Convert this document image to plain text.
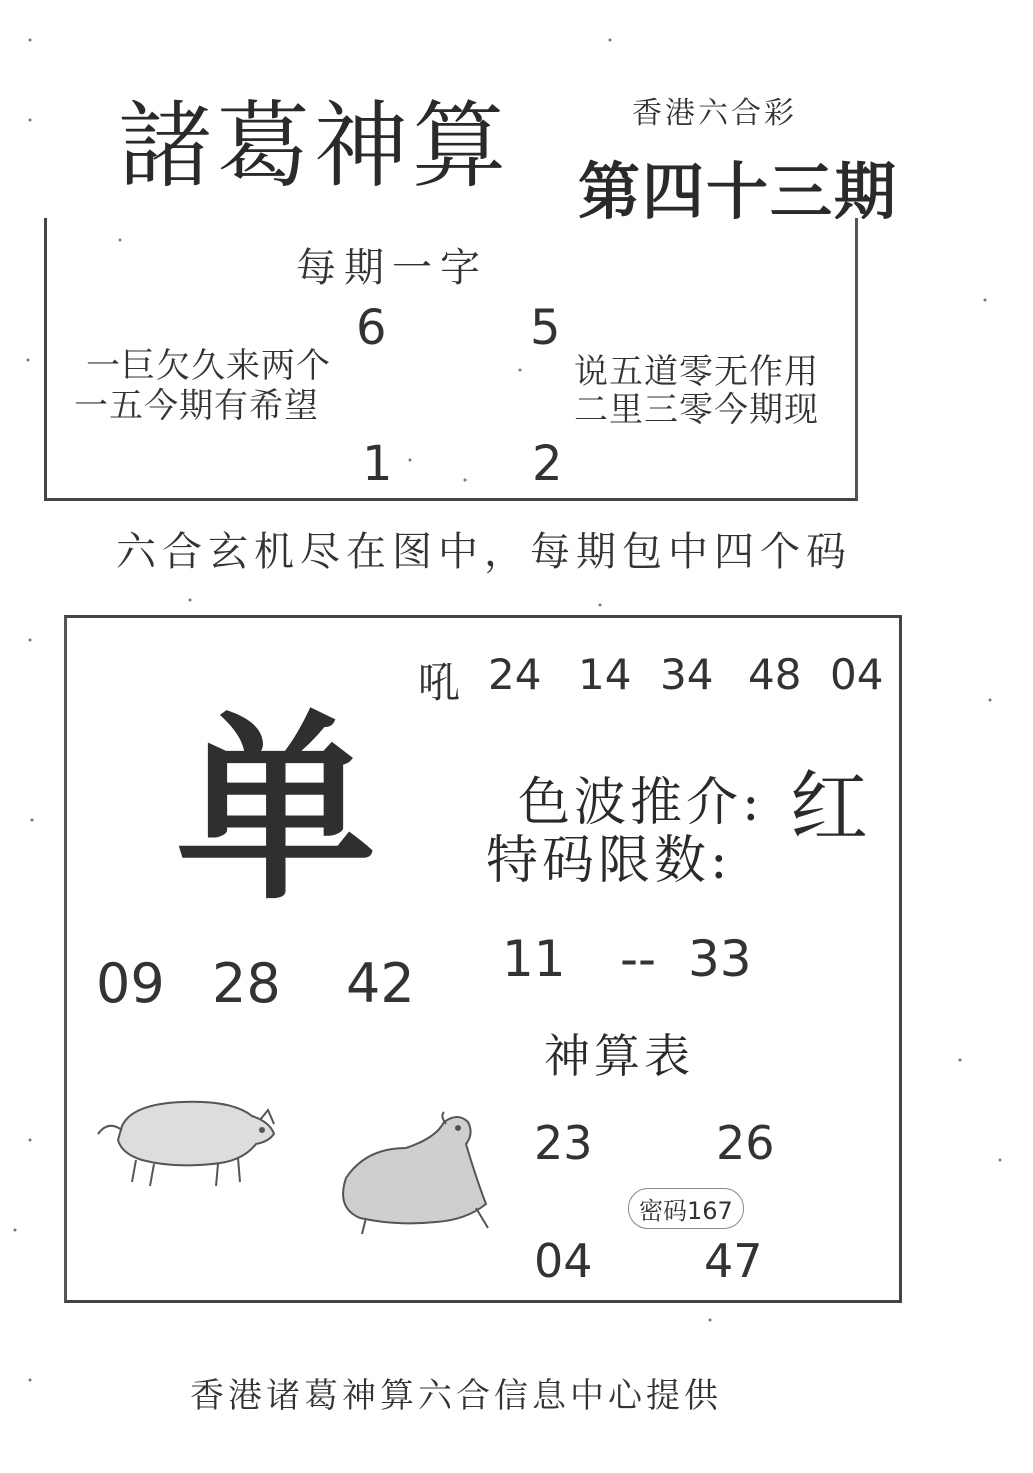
諸葛神算	香港六合彩
第四十三期
每期一字
6	5
1	2
一巨欠久来两个
一五今期有希望
说五道零无作用
二里三零今期现
六合玄机尽在图中，每期包中四个码
吼 24 14 34 48 04
单	色波推介: 红
特码限数:
09 28 42 11 -- 33
神算表
23	26
04 47
密码167
香港诸葛神算六合信息中心提供
